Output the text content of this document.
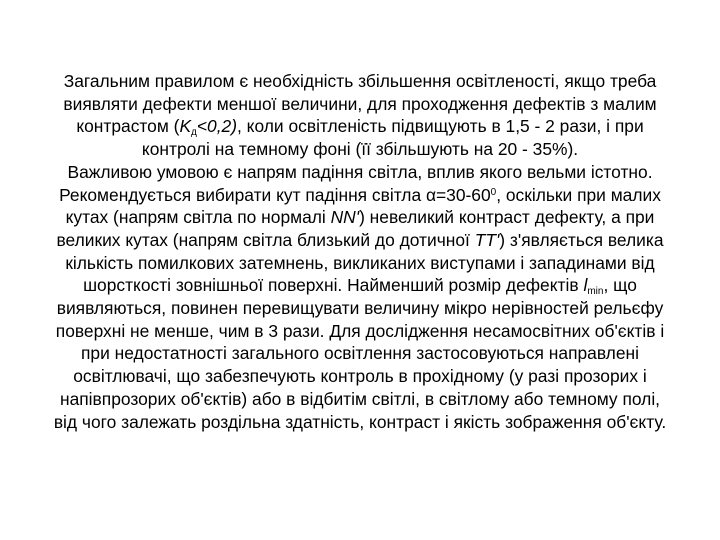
Загальним правилом є необхідність збільшення освітленості, якщо треба
виявляти дефекти меншої величини, для проходження дефектів з малим
контрастом $(K_д<0,2)$, коли освітленість підвищують в 1,5 - 2 рази, і при
контролі на темному фоні (її збільшують на 20 - 35%).
Важливою умовою є напрям падіння світла, вплив якого вельми істотно.
Рекомендується вибирати кут падіння світла $\alpha=30-60^0$, оскільки при малих
кутах (напрям світла по нормалі NN') невеликий контраст дефекту, а при
великих кутах (напрям світла близький до дотичної TT') з'являється велика
кількість помилкових затемнень, викликаних виступами і западинами від
шорсткості зовнішньої поверхні. Найменший розмір дефектів $l_{min}$, що
виявляються, повинен перевищувати величину мікро нерівностей рельєфу
поверхні не менше, чим в 3 рази. Для дослідження несамосвітних об'єктів і
при недостатності загального освітлення застосовуються направлені
освітлювачі, що забезпечують контроль в прохідному (у разі прозорих і
напівпрозорих об'єктів) або в відбитім світлі, в світлому або темному полі,
від чого залежать роздільна здатність, контраст і якість зображення об'єкту.
